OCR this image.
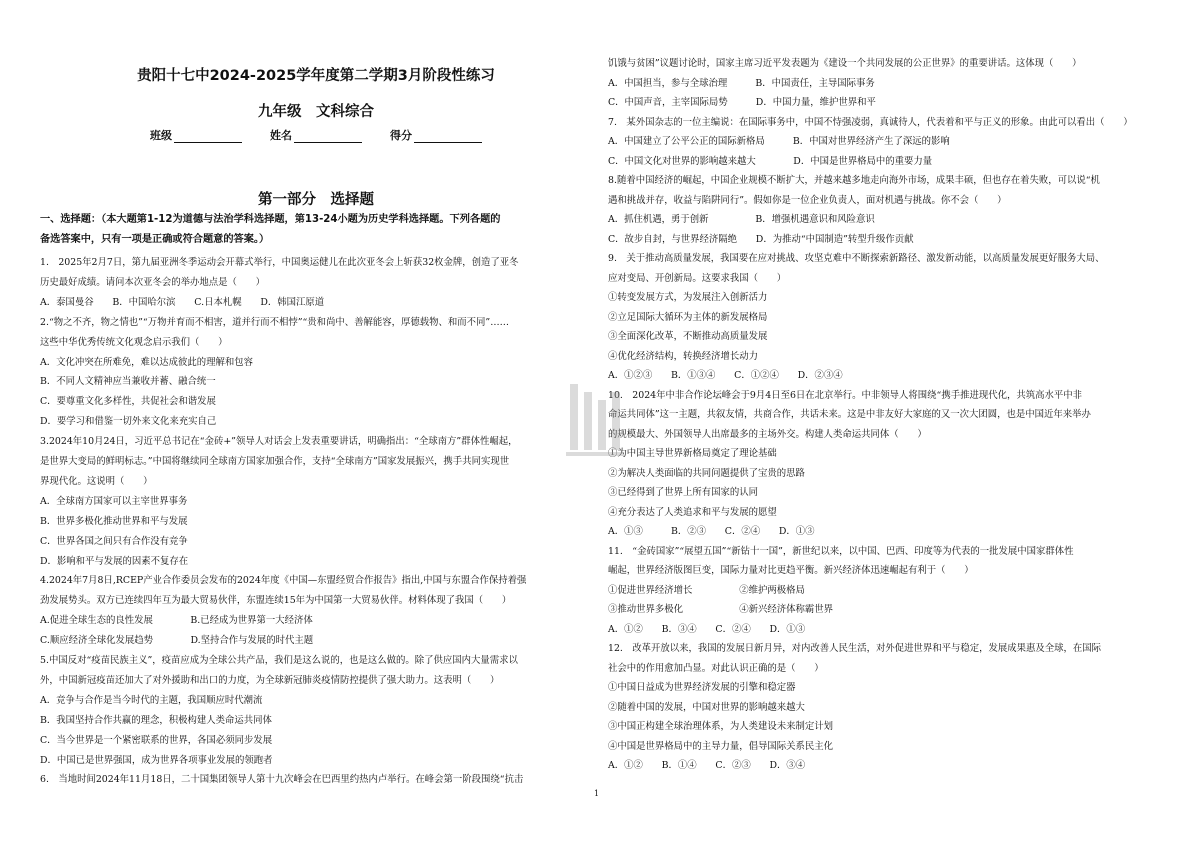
贵阳十七中2024-2025学年度第二学期3月阶段性练习
九年级　文科综合
班级	姓名	得分
第一部分　选择题
一、选择题：（本大题第1-12为道德与法治学科选择题，第13-24小题为历史学科选择题。下列各题的
备选答案中，只有一项是正确或符合题意的答案。）
1.　2025年2月7日，第九届亚洲冬季运动会开幕式举行，中国奥运健儿在此次亚冬会上斩获32枚金牌，创造了亚冬
历史最好成绩。请问本次亚冬会的举办地点是（　　）
A．泰国曼谷　　B．中国哈尔滨　　C.日本札幌　　D．韩国江原道
2.“物之不齐，物之情也”“万物并育而不相害，道并行而不相悖”“贵和尚中、善解能容，厚德载物、和而不同”……
这些中华优秀传统文化观念启示我们（　　）
A．文化冲突在所难免，难以达成彼此的理解和包容
B．不同人文精神应当兼收并蓄、融合统一
C．要尊重文化多样性，共促社会和谐发展
D．要学习和借鉴一切外来文化来充实自己
3.2024年10月24日，习近平总书记在“金砖+”领导人对话会上发表重要讲话，明确指出：“全球南方”群体性崛起，
是世界大变局的鲜明标志。”中国将继续同全球南方国家加强合作，支持“全球南方”国家发展振兴，携手共同实现世
界现代化。这说明（　　）
A．全球南方国家可以主宰世界事务
B．世界多极化推动世界和平与发展
C．世界各国之间只有合作没有竞争
D．影响和平与发展的因素不复存在
4.2024年7月8日,RCEP产业合作委员会发布的2024年度《中国—东盟经贸合作报告》指出,中国与东盟合作保持着强
劲发展势头。双方已连续四年互为最大贸易伙伴，东盟连续15年为中国第一大贸易伙伴。材料体现了我国（　　）
A.促进全球生态的良性发展　　　　B.已经成为世界第一大经济体
C.顺应经济全球化发展趋势　　　　D.坚持合作与发展的时代主题
5.中国反对“疫苗民族主义”，疫苗应成为全球公共产品，我们是这么说的，也是这么做的。除了供应国内大量需求以
外，中国新冠疫苗还加大了对外援助和出口的力度，为全球新冠肺炎疫情防控提供了强大助力。这表明（　　）
A．竞争与合作是当今时代的主题，我国顺应时代潮流
B．我国坚持合作共赢的理念，积极构建人类命运共同体
C．当今世界是一个紧密联系的世界，各国必须同步发展
D．中国已是世界强国，成为世界各项事业发展的领跑者
6.　当地时间2024年11月18日，二十国集团领导人第十九次峰会在巴西里约热内卢举行。在峰会第一阶段围绕“抗击
饥饿与贫困”议题讨论时，国家主席习近平发表题为《建设一个共同发展的公正世界》的重要讲话。这体现（　　）
A．中国担当，参与全球治理　　　B．中国责任，主导国际事务
C．中国声音，主宰国际局势　　　D．中国力量，维护世界和平
7.　某外国杂志的一位主编说：在国际事务中，中国不恃强凌弱，真诚待人，代表着和平与正义的形象。由此可以看出（　　）
A．中国建立了公平公正的国际新格局　　　B．中国对世界经济产生了深远的影响
C．中国文化对世界的影响越来越大　　　　D．中国是世界格局中的重要力量
8.随着中国经济的崛起，中国企业规模不断扩大，并越来越多地走向海外市场，成果丰硕，但也存在着失败，可以说“机
遇和挑战并存，收益与陷阱同行”。假如你是一位企业负责人，面对机遇与挑战。你不会（　　）
A．抓住机遇，勇于创新　　　　　B．增强机遇意识和风险意识
C．故步自封，与世界经济隔绝　　D．为推动“中国制造”转型升级作贡献
9.　关于推动高质量发展，我国要在应对挑战、攻坚克难中不断探索新路径、激发新动能，以高质量发展更好服务大局、
应对变局、开创新局。这要求我国（　　）
①转变发展方式，为发展注入创新活力
②立足国际大循环为主体的新发展格局
③全面深化改革，不断推动高质量发展
④优化经济结构，转换经济增长动力
A．①②③　　B．①③④　　C．①②④　　D．②③④
10.　2024年中非合作论坛峰会于9月4日至6日在北京举行。中非领导人将围绕“携手推进现代化，共筑高水平中非
命运共同体”这一主题，共叙友情，共商合作，共话未来。这是中非友好大家庭的又一次大团圆，也是中国近年来举办
的规模最大、外国领导人出席最多的主场外交。构建人类命运共同体（　　）
①为中国主导世界新格局奠定了理论基础
②为解决人类面临的共同问题提供了宝贵的思路
③已经得到了世界上所有国家的认同
④充分表达了人类追求和平与发展的愿望
A．①③　　　B．②③　　C．②④　　D．①③
11.　“金砖国家”“展望五国”“新钻十一国”，新世纪以来，以中国、巴西、印度等为代表的一批发展中国家群体性
崛起，世界经济版图巨变，国际力量对比更趋平衡。新兴经济体迅速崛起有利于（　　）
①促进世界经济增长　　　　　②维护两极格局
③推动世界多极化　　　　　　④新兴经济体称霸世界
A．①②　　B．③④　　C．②④　　D．①③
12.　改革开放以来，我国的发展日新月异，对内改善人民生活，对外促进世界和平与稳定，发展成果惠及全球，在国际
社会中的作用愈加凸显。对此认识正确的是（　　）
①中国日益成为世界经济发展的引擎和稳定器
②随着中国的发展，中国对世界的影响越来越大
③中国正构建全球治理体系，为人类建设未来制定计划
④中国是世界格局中的主导力量，倡导国际关系民主化
A．①②　　B．①④　　C．②③　　D．③④
1
